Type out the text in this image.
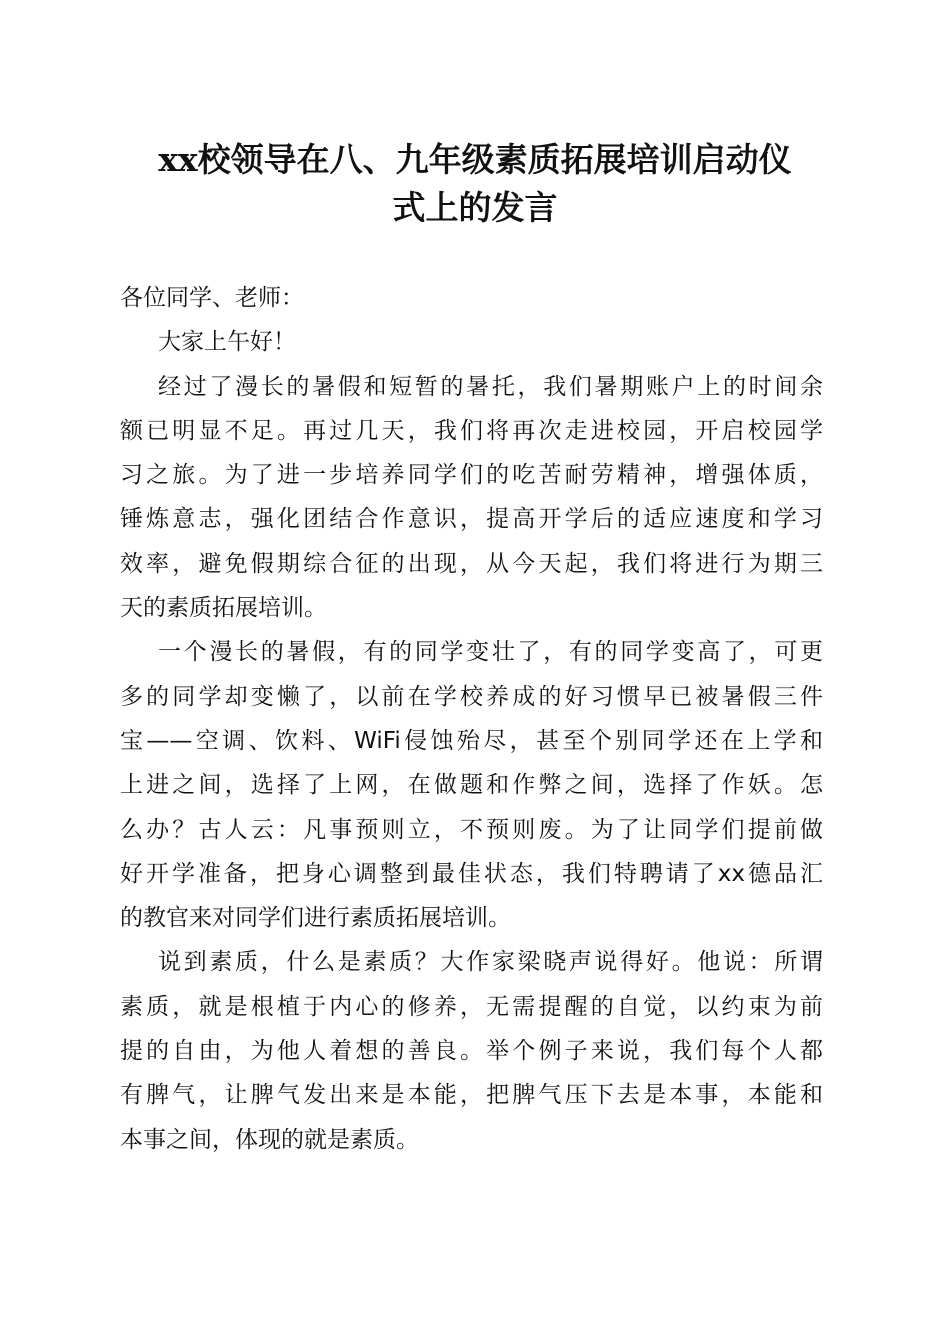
xx校领导在八、九年级素质拓展培训启动仪
式上的发言
各位同学、老师：
大家上午好！
经过了漫长的暑假和短暂的暑托，我们暑期账户上的时间余
额已明显不足。再过几天，我们将再次走进校园，开启校园学
习之旅。为了进一步培养同学们的吃苦耐劳精神，增强体质，
锤炼意志，强化团结合作意识，提高开学后的适应速度和学习
效率，避免假期综合征的出现，从今天起，我们将进行为期三
天的素质拓展培训。
一个漫长的暑假，有的同学变壮了，有的同学变高了，可更
多的同学却变懒了，以前在学校养成的好习惯早已被暑假三件
宝——空调、饮料、WiFi侵蚀殆尽，甚至个别同学还在上学和
上进之间，选择了上网，在做题和作弊之间，选择了作妖。怎
么办？古人云：凡事预则立，不预则废。为了让同学们提前做
好开学准备，把身心调整到最佳状态，我们特聘请了xx德品汇
的教官来对同学们进行素质拓展培训。
说到素质，什么是素质？大作家梁晓声说得好。他说：所谓
素质，就是根植于内心的修养，无需提醒的自觉，以约束为前
提的自由，为他人着想的善良。举个例子来说，我们每个人都
有脾气，让脾气发出来是本能，把脾气压下去是本事，本能和
本事之间，体现的就是素质。
